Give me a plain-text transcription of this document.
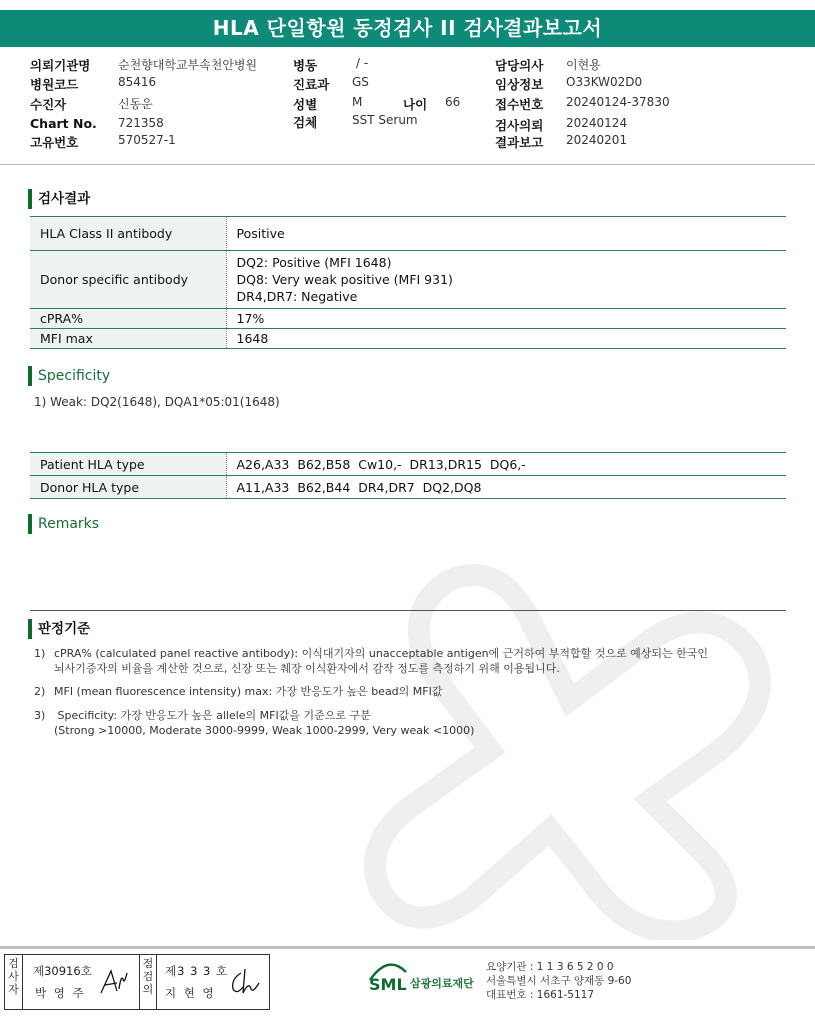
HLA 단일항원 동정검사 II 검사결과보고서
의뢰기관명 순천향대학교부속천안병원
병원코드	85416
수진자	신동운
Chart No. 721358
고유번호	570527-1
병동	/ -
진료과 GS
성별	M	나이 66
검체	SST Serum
담당의사 이현용
임상정보 O33KW02D0
접수번호 20240124-37830
검사의뢰 20240124
결과보고 20240201
검사결과
HLA Class II antibody	Positive
Donor specific antibody	DQ2: Positive (MFI 1648)
DQ8: Very weak positive (MFI 931)
DR4,DR7: Negative

cPRA%	17%
MFI max	1648
Specificity
1) Weak: DQ2(1648), DQA1*05:01(1648)
Patient HLA type	A26,A33  B62,B58  Cw10,-  DR13,DR15  DQ6,-
Donor HLA type	A11,A33  B62,B44  DR4,DR7  DQ2,DQ8
Remarks
판정기준
1) cPRA% (calculated panel reactive antibody): 이식대기자의 unacceptable antigen에 근거하여 부적합할 것으로 예상되는 한국인
뇌사기증자의 비율을 계산한 것으로, 신장 또는 췌장 이식환자에서 감작 정도를 측정하기 위해 이용됩니다.
2) MFI (mean fluorescence intensity) max: 가장 반응도가 높은 bead의 MFI값
3) Specificity: 가장 반응도가 높은 allele의 MFI값을 기준으로 구분
(Strong >10000, Moderate 3000-9999, Weak 1000-2999, Very weak <1000)
검
사
자
제30916호
박 영 주
점
검
의
제3 3 3 호
지 현 영	SML 삼광의료재단
요양기관 : 1 1 3 6 5 2 0 0
서울특별시 서초구 양재동 9-60
대표번호 : 1661-5117
